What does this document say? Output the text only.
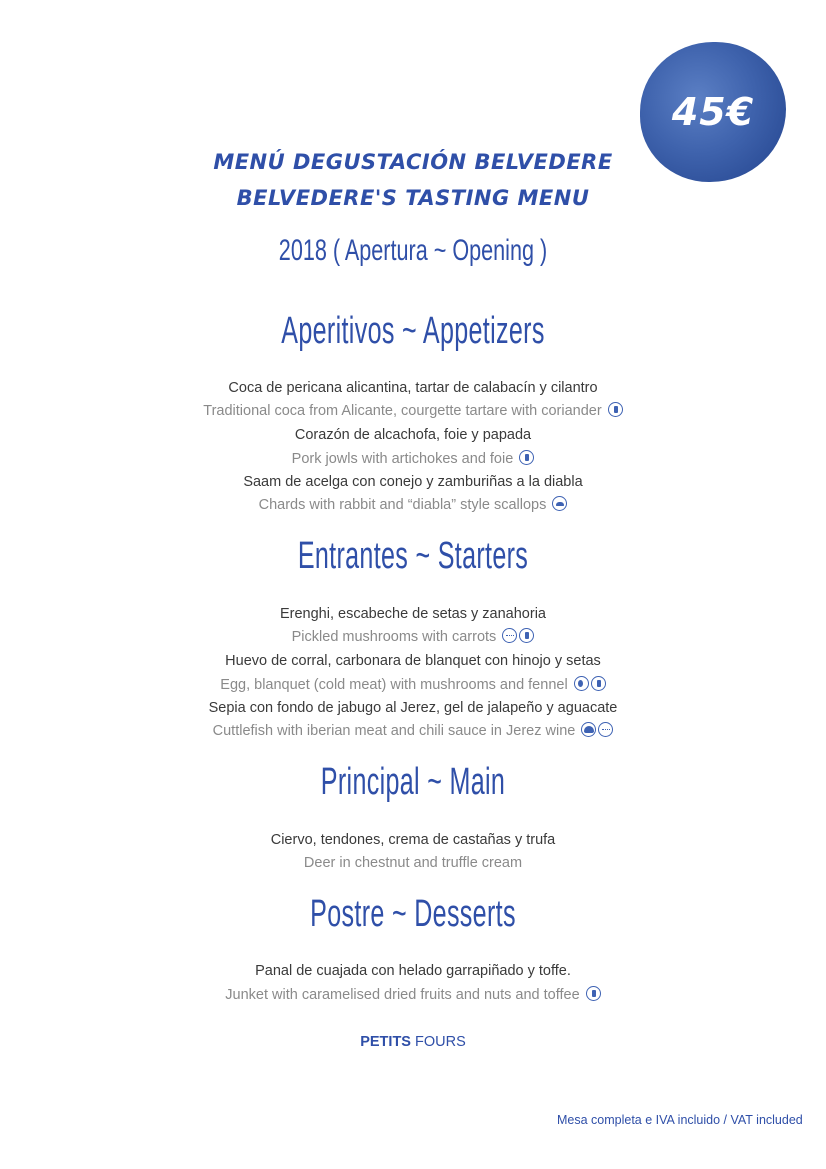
45€
MENÚ DEGUSTACIÓN BELVEDERE
BELVEDERE'S TASTING MENU
2018 ( Apertura ~ Opening )
Aperitivos ~ Appetizers
Coca de pericana alicantina, tartar de calabacín y cilantro
Traditional coca from Alicante, courgette tartare with coriander
Corazón de alcachofa, foie y papada
Pork jowls with artichokes and foie
Saam de acelga con conejo y zamburiñas a la diabla
Chards with rabbit and “diabla” style scallops
Entrantes ~ Starters
Erenghi, escabeche de setas y zanahoria
Pickled mushrooms with carrots
Huevo de corral, carbonara de blanquet con hinojo y setas
Egg, blanquet (cold meat) with mushrooms and fennel
Sepia con fondo de jabugo al Jerez, gel de jalapeño y aguacate
Cuttlefish with iberian meat and chili sauce in Jerez wine
Principal ~ Main
Ciervo, tendones, crema de castañas y trufa
Deer in chestnut and truffle cream
Postre ~ Desserts
Panal de cuajada con helado garrapiñado y toffe.
Junket with caramelised dried fruits and nuts and toffee
PETITS FOURS
Mesa completa e IVA incluido / VAT included
